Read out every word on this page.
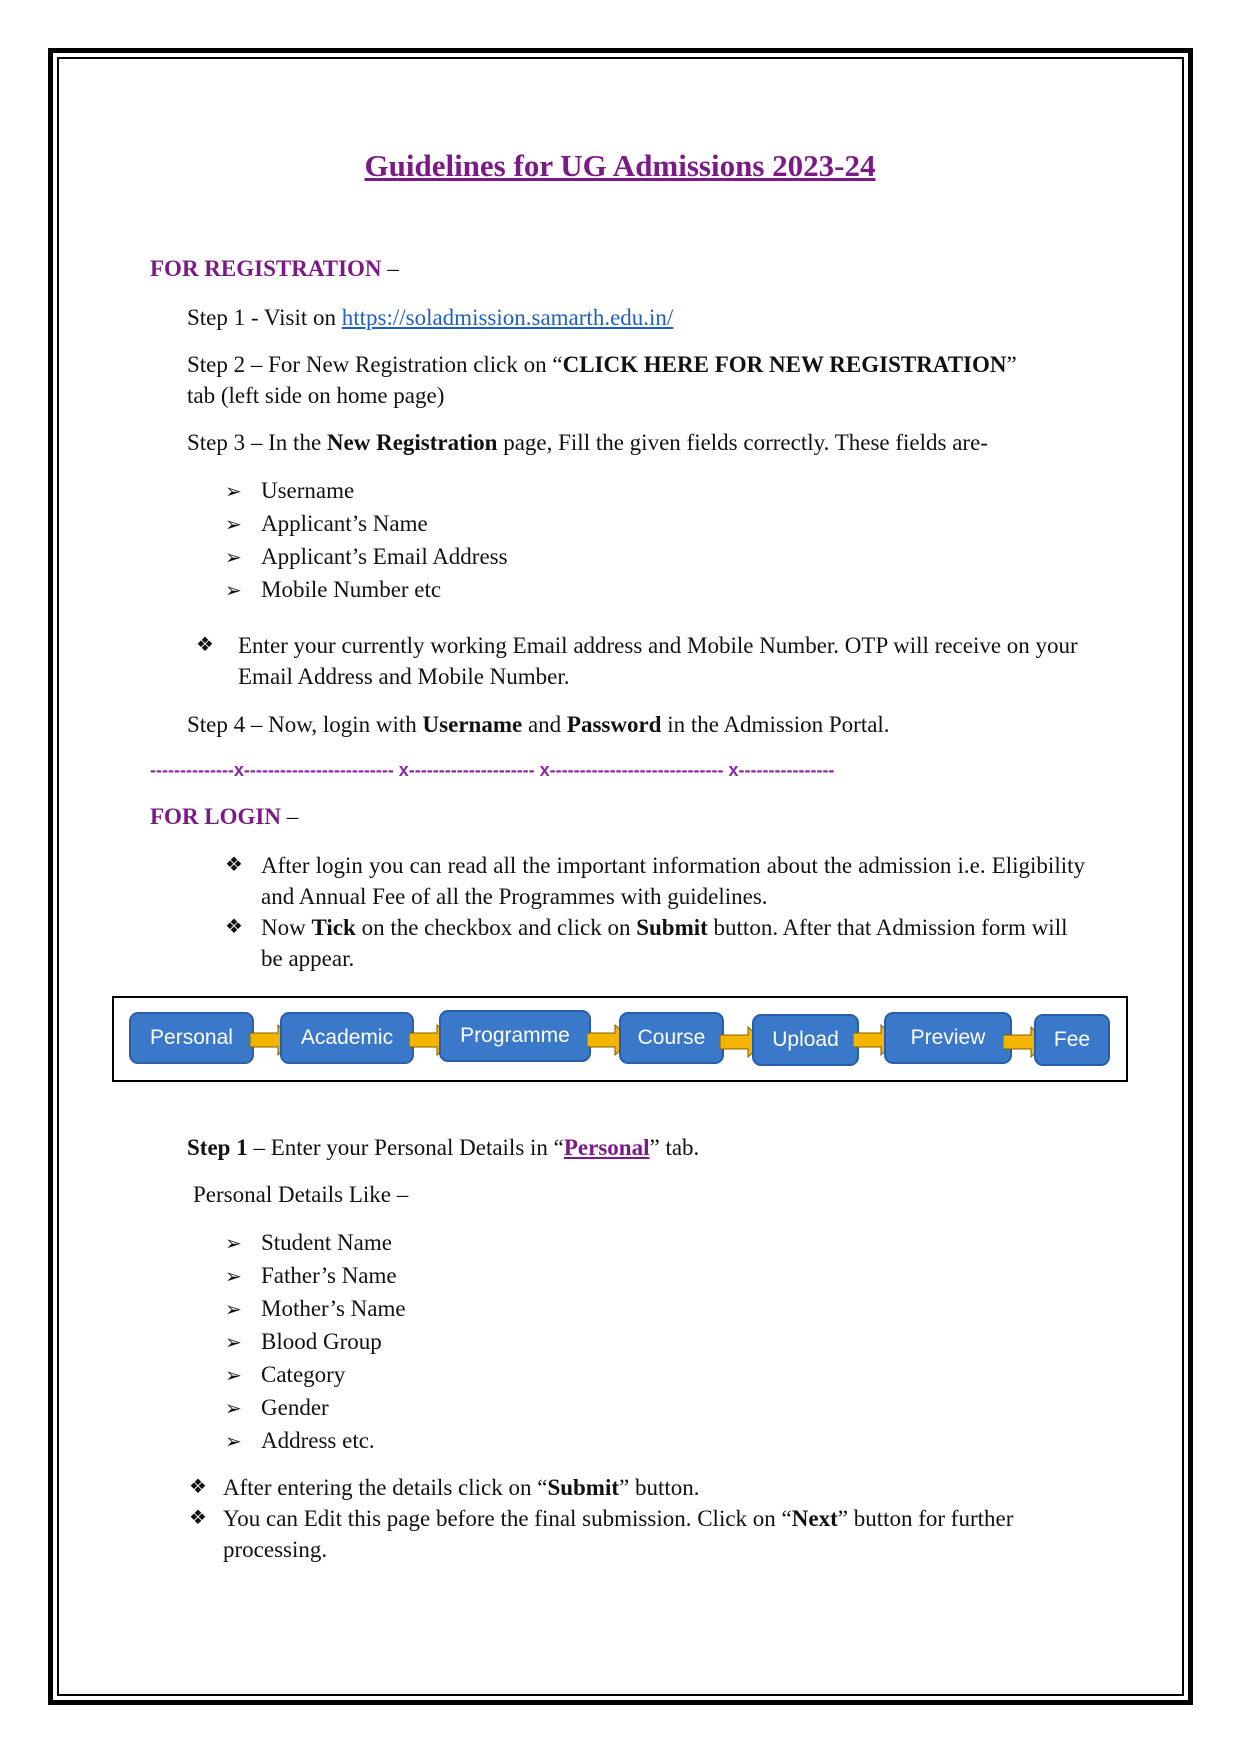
Guidelines for UG Admissions 2023-24
FOR REGISTRATION –
Step 1 - Visit on https://soladmission.samarth.edu.in/
Step 2 – For New Registration click on “CLICK HERE FOR NEW REGISTRATION”
tab (left side on home page)
Step 3 – In the New Registration page, Fill the given fields correctly. These fields are-
➢ Username
➢ Applicant’s Name
➢ Applicant’s Email Address
➢ Mobile Number etc
❖	Enter your currently working Email address and Mobile Number. OTP will receive on your Email Address and Mobile Number.
Step 4 – Now, login with Username and Password in the Admission Portal.
--------------x------------------------- x--------------------- x----------------------------- x----------------
FOR LOGIN –
❖ After login you can read all the important information about the admission i.e. Eligibility and Annual Fee of all the Programmes with guidelines.
❖ Now Tick on the checkbox and click on Submit button. After that Admission form will be appear.
Personal	Academic	Programme	Course	Upload	Preview	Fee
Step 1 – Enter your Personal Details in “Personal” tab.
Personal Details Like –
➢ Student Name
➢ Father’s Name
➢ Mother’s Name
➢ Blood Group
➢ Category
➢ Gender
➢ Address etc.
❖ After entering the details click on “Submit” button.
❖ You can Edit this page before the final submission. Click on “Next” button for further processing.
